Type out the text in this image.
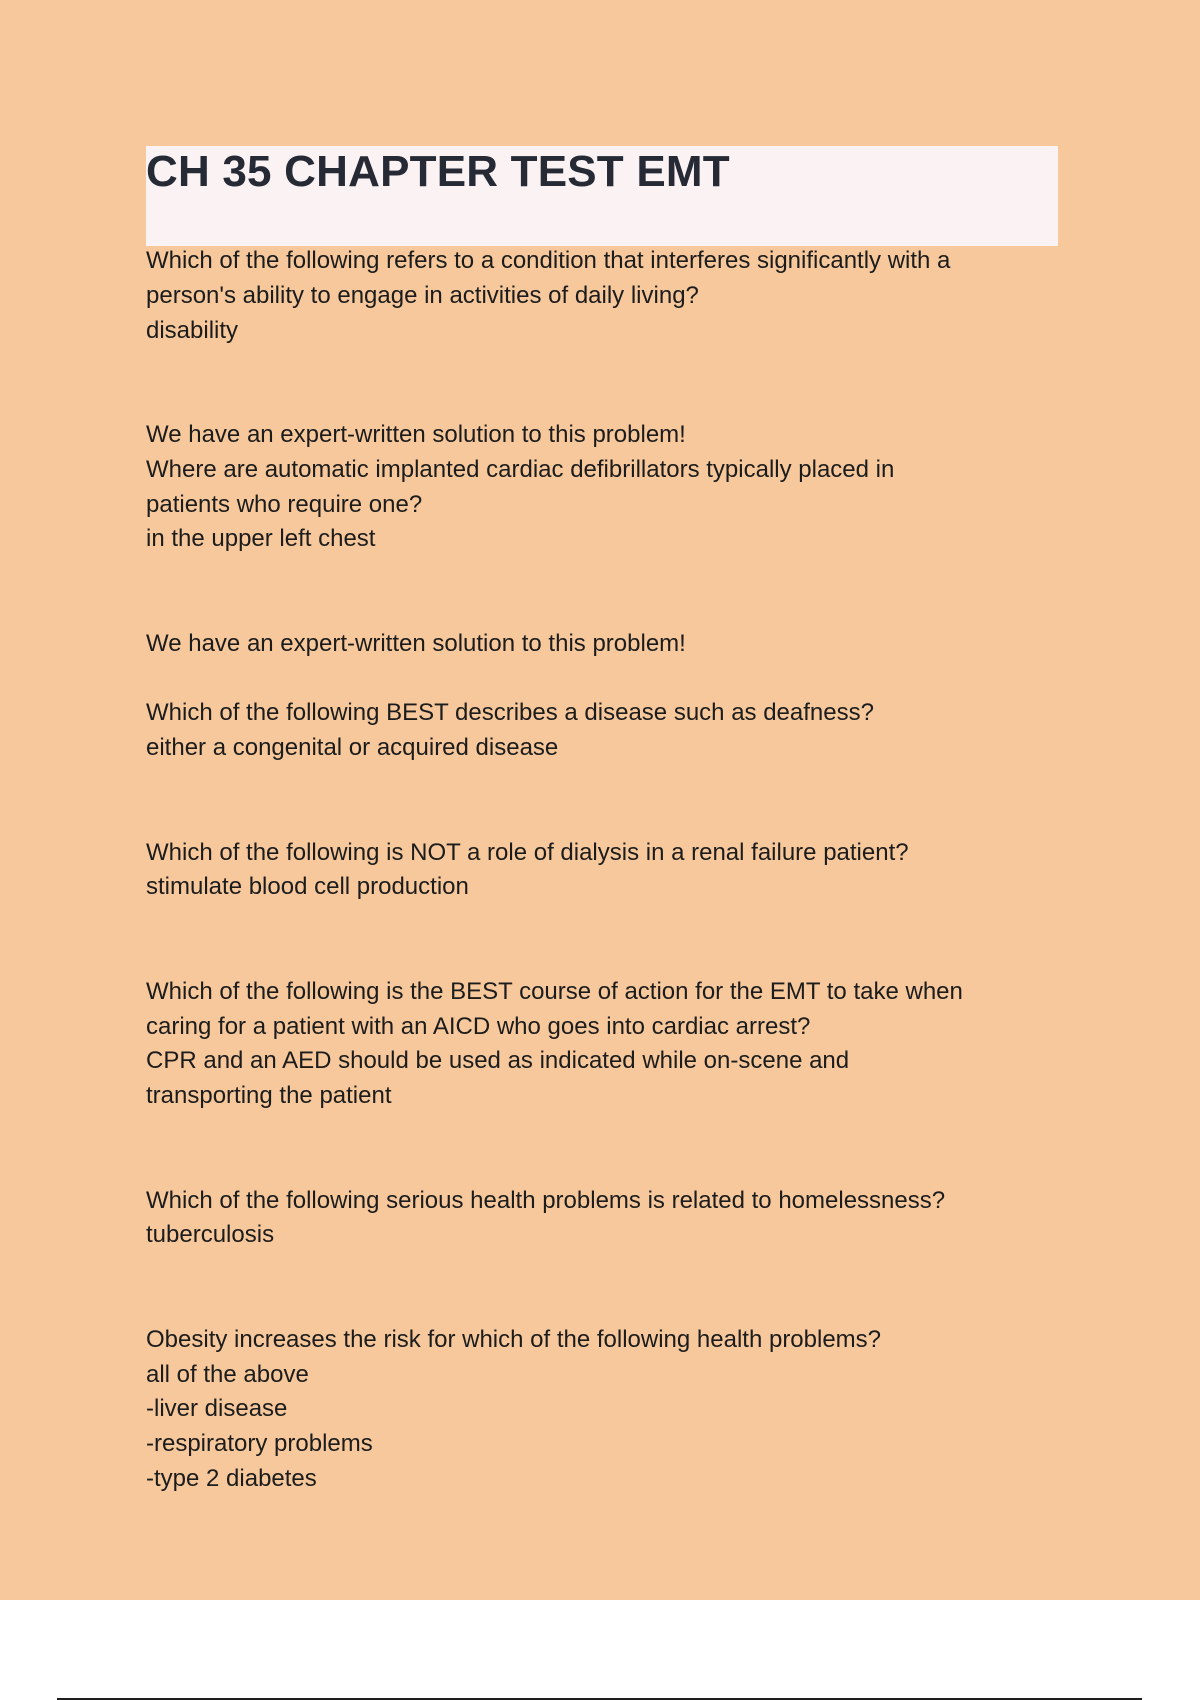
CH 35 CHAPTER TEST EMT
Which of the following refers to a condition that interferes significantly with a
person's ability to engage in activities of daily living?
disability
We have an expert-written solution to this problem!
Where are automatic implanted cardiac defibrillators typically placed in
patients who require one?
in the upper left chest
We have an expert-written solution to this problem!
Which of the following BEST describes a disease such as deafness?
either a congenital or acquired disease
Which of the following is NOT a role of dialysis in a renal failure patient?
stimulate blood cell production
Which of the following is the BEST course of action for the EMT to take when
caring for a patient with an AICD who goes into cardiac arrest?
CPR and an AED should be used as indicated while on-scene and
transporting the patient
Which of the following serious health problems is related to homelessness?
tuberculosis
Obesity increases the risk for which of the following health problems?
all of the above
-liver disease
-respiratory problems
-type 2 diabetes
